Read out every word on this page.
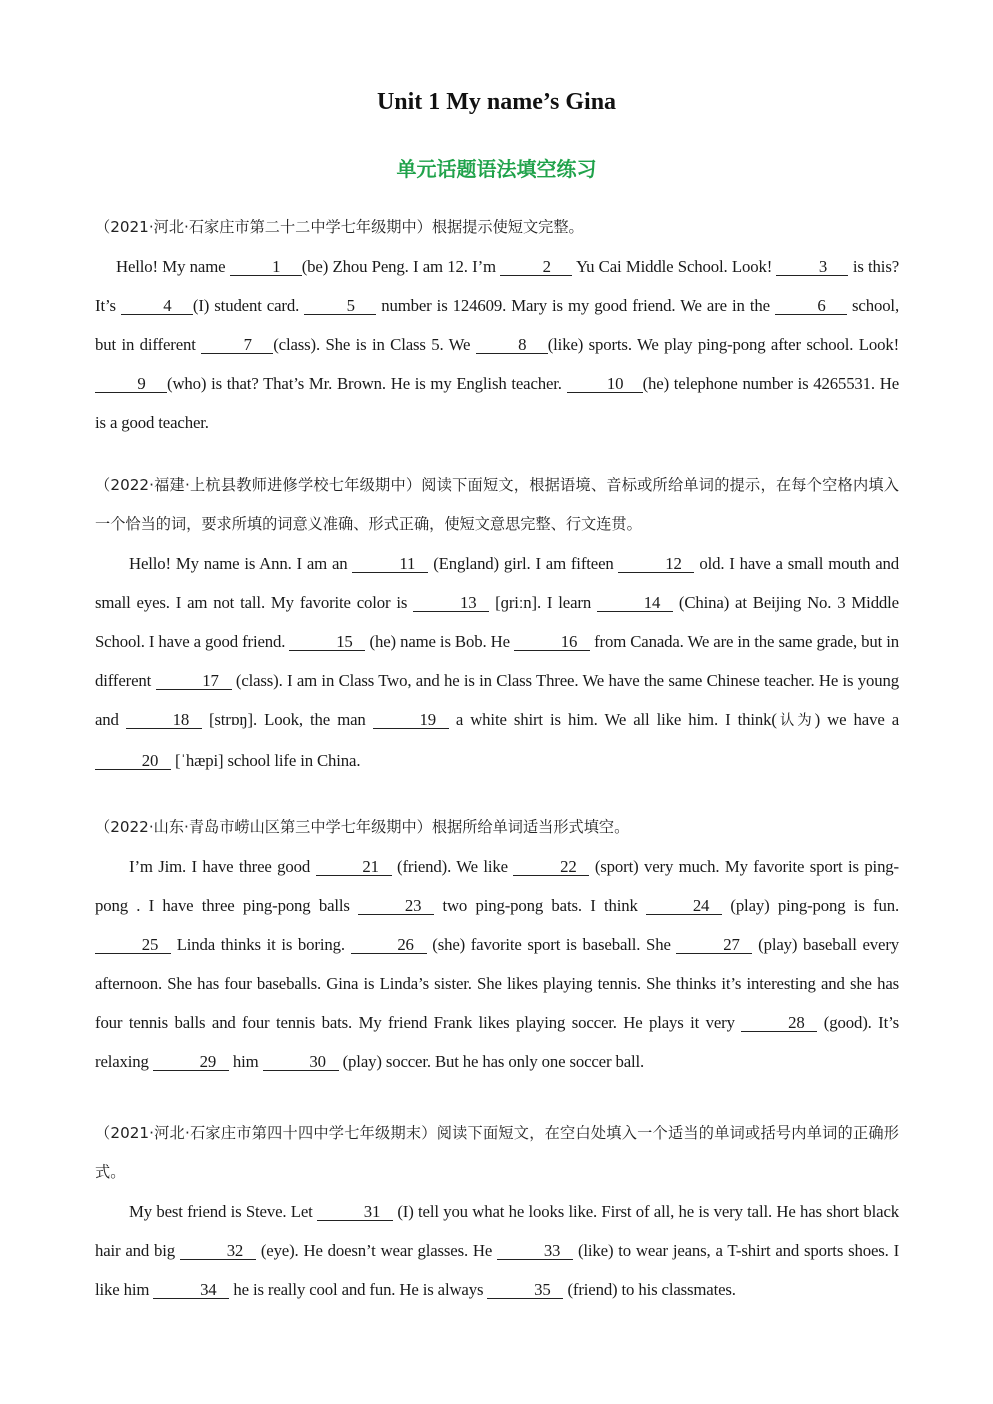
Unit 1 My name’s Gina
单元话题语法填空练习
（2021·河北·石家庄市第二十二中学七年级期中）根据提示使短文完整。
Hello! My name	1 (be) Zhou Peng. I am 12. I’m	2 Yu Cai Middle School. Look!	3 is this? It’s	4 (I) student card.	5 number is 124609. Mary is my good friend. We are in the	6 school, but in different	7 (class). She is in Class 5. We	8 (like) sports. We play ping-pong after school. Look! 9 (who) is that? That’s Mr. Brown. He is my English teacher. 10 (he) telephone number is 4265531. He is a good teacher.
（2022·福建·上杭县教师进修学校七年级期中）阅读下面短文，根据语境、音标或所给单词的提示，在每个空格内填入一个恰当的词，要求所填的词意义准确、形式正确，使短文意思完整、行文连贯。
Hello! My name is Ann. I am an	11 (England) girl. I am fifteen	12 old. I have a small mouth and small eyes. I am not tall. My favorite color is	13 [ɡriːn]. I learn	14 (China) at Beijing No. 3 Middle School. I have a good friend.	15 (he) name is Bob. He	16 from Canada. We are in the same grade, but in different	17 (class). I am in Class Two, and he is in Class Three. We have the same Chinese teacher. He is young and	18 [strɒŋ]. Look, the man	19 a white shirt is him. We all like him. I think(认为) we have a 20 [ˈhæpi] school life in China.
（2022·山东·青岛市崂山区第三中学七年级期中）根据所给单词适当形式填空。
I’m Jim. I have three good	21 (friend). We like	22 (sport) very much. My favorite sport is ping-pong . I have three ping-pong balls	23 two ping-pong bats. I think	24 (play) ping-pong is fun. 25 Linda thinks it is boring.	26 (she) favorite sport is baseball. She	27 (play) baseball every afternoon. She has four baseballs. Gina is Linda’s sister. She likes playing tennis. She thinks it’s interesting and she has four tennis balls and four tennis bats. My friend Frank likes playing soccer. He plays it very	28 (good). It’s relaxing	29 him	30 (play) soccer. But he has only one soccer ball.
（2021·河北·石家庄市第四十四中学七年级期末）阅读下面短文，在空白处填入一个适当的单词或括号内单词的正确形式。
My best friend is Steve. Let	31 (I) tell you what he looks like. First of all, he is very tall. He has short black hair and big	32 (eye). He doesn’t wear glasses. He	33 (like) to wear jeans, a T-shirt and sports shoes. I like him	34 he is really cool and fun. He is always	35 (friend) to his classmates.
